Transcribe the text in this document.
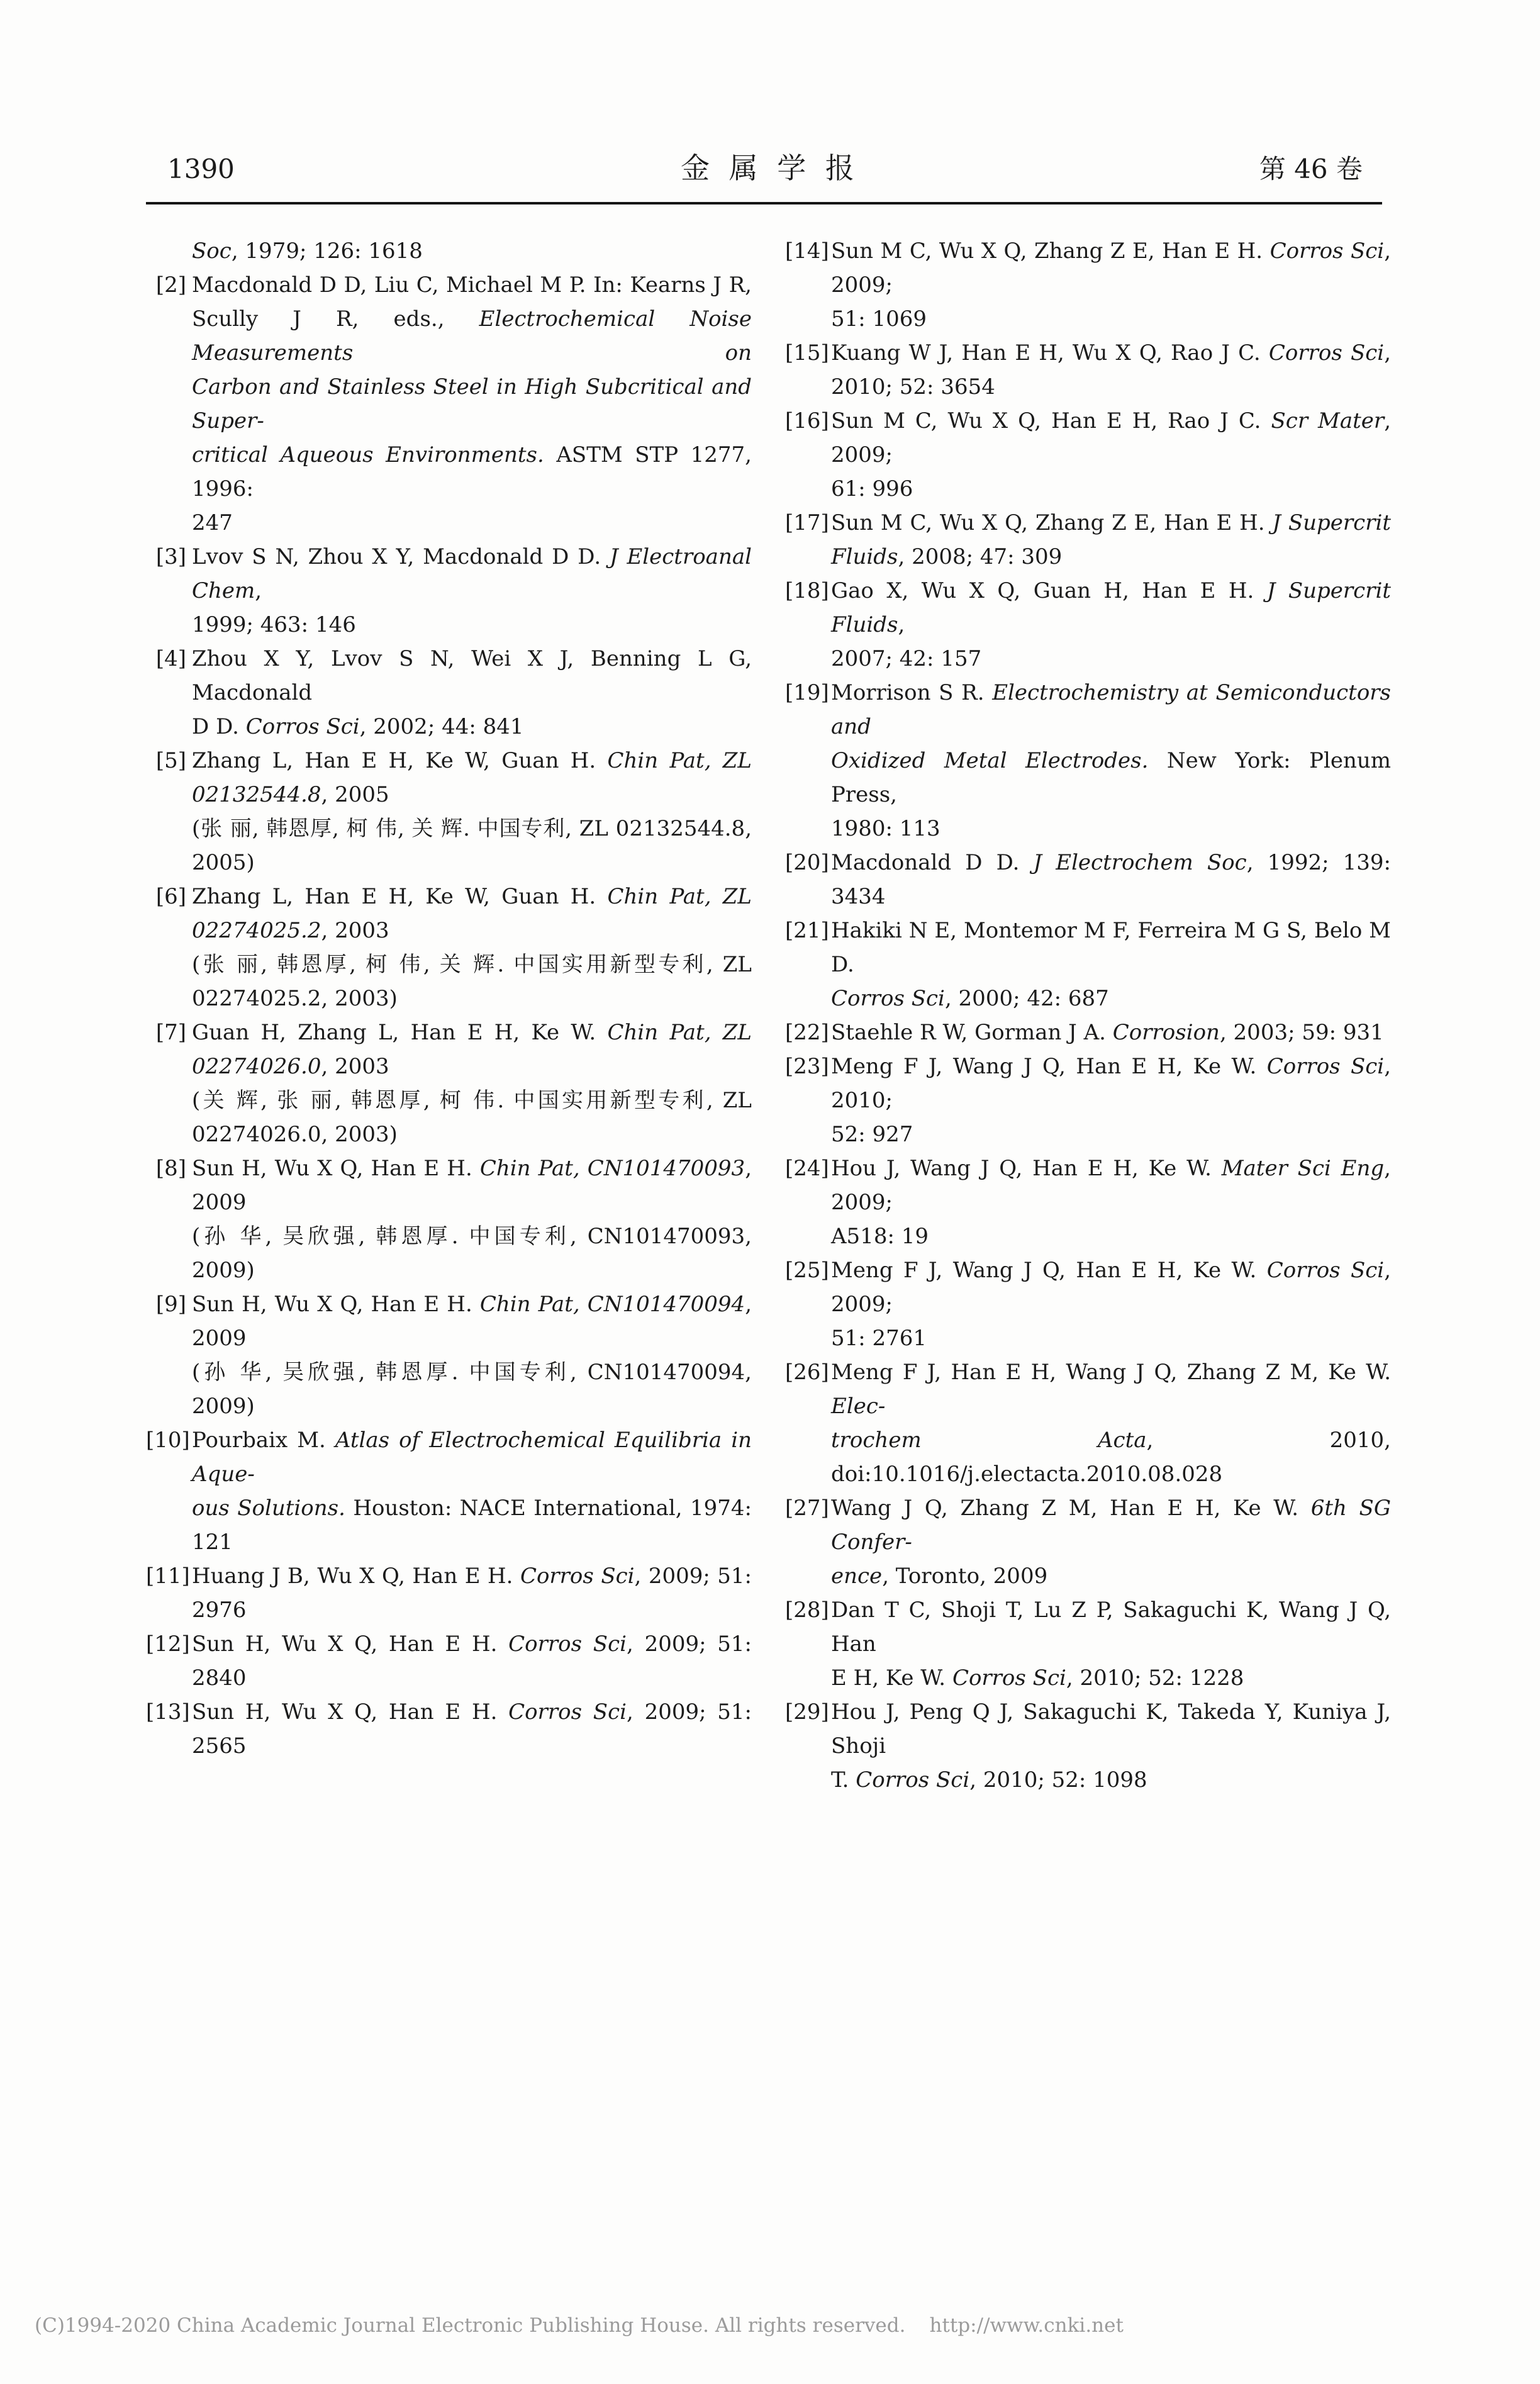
1390	金 属 学 报	第 46 卷
Soc, 1979; 126: 1618
[2] Macdonald D D, Liu C, Michael M P. In: Kearns J R,
Scully J R, eds., Electrochemical Noise Measurements on
Carbon and Stainless Steel in High Subcritical and Super-
critical Aqueous Environments. ASTM STP 1277, 1996:
247
[3] Lvov S N, Zhou X Y, Macdonald D D. J Electroanal Chem,
1999; 463: 146
[4] Zhou X Y, Lvov S N, Wei X J, Benning L G, Macdonald
D D. Corros Sci, 2002; 44: 841
[5] Zhang L, Han E H, Ke W, Guan H. Chin Pat, ZL
02132544.8, 2005
(张 丽, 韩恩厚, 柯 伟, 关 辉. 中国专利, ZL 02132544.8,
2005)
[6] Zhang L, Han E H, Ke W, Guan H. Chin Pat, ZL
02274025.2, 2003
(张 丽, 韩恩厚, 柯 伟, 关 辉. 中国实用新型专利, ZL
02274025.2, 2003)
[7] Guan H, Zhang L, Han E H, Ke W. Chin Pat, ZL
02274026.0, 2003
(关 辉, 张 丽, 韩恩厚, 柯 伟. 中国实用新型专利, ZL
02274026.0, 2003)
[8] Sun H, Wu X Q, Han E H. Chin Pat, CN101470093, 2009
(孙 华, 吴欣强, 韩恩厚. 中国专利, CN101470093, 2009)
[9] Sun H, Wu X Q, Han E H. Chin Pat, CN101470094, 2009
(孙 华, 吴欣强, 韩恩厚. 中国专利, CN101470094, 2009)
[10] Pourbaix M. Atlas of Electrochemical Equilibria in Aque-
ous Solutions. Houston: NACE International, 1974: 121
[11] Huang J B, Wu X Q, Han E H. Corros Sci, 2009; 51: 2976
[12] Sun H, Wu X Q, Han E H. Corros Sci, 2009; 51: 2840
[13] Sun H, Wu X Q, Han E H. Corros Sci, 2009; 51: 2565
[14] Sun M C, Wu X Q, Zhang Z E, Han E H. Corros Sci, 2009;
51: 1069
[15] Kuang W J, Han E H, Wu X Q, Rao J C. Corros Sci,
2010; 52: 3654
[16] Sun M C, Wu X Q, Han E H, Rao J C. Scr Mater, 2009;
61: 996
[17] Sun M C, Wu X Q, Zhang Z E, Han E H. J Supercrit
Fluids, 2008; 47: 309
[18] Gao X, Wu X Q, Guan H, Han E H. J Supercrit Fluids,
2007; 42: 157
[19] Morrison S R. Electrochemistry at Semiconductors and
Oxidized Metal Electrodes. New York: Plenum Press,
1980: 113
[20] Macdonald D D. J Electrochem Soc, 1992; 139: 3434
[21] Hakiki N E, Montemor M F, Ferreira M G S, Belo M D.
Corros Sci, 2000; 42: 687
[22] Staehle R W, Gorman J A. Corrosion, 2003; 59: 931
[23] Meng F J, Wang J Q, Han E H, Ke W. Corros Sci, 2010;
52: 927
[24] Hou J, Wang J Q, Han E H, Ke W. Mater Sci Eng, 2009;
A518: 19
[25] Meng F J, Wang J Q, Han E H, Ke W. Corros Sci, 2009;
51: 2761
[26] Meng F J, Han E H, Wang J Q, Zhang Z M, Ke W. Elec-
trochem Acta, 2010, doi:10.1016/j.electacta.2010.08.028
[27] Wang J Q, Zhang Z M, Han E H, Ke W. 6th SG Confer-
ence, Toronto, 2009
[28] Dan T C, Shoji T, Lu Z P, Sakaguchi K, Wang J Q, Han
E H, Ke W. Corros Sci, 2010; 52: 1228
[29] Hou J, Peng Q J, Sakaguchi K, Takeda Y, Kuniya J, Shoji
T. Corros Sci, 2010; 52: 1098
(C)1994-2020 China Academic Journal Electronic Publishing House. All rights reserved. http://www.cnki.net
